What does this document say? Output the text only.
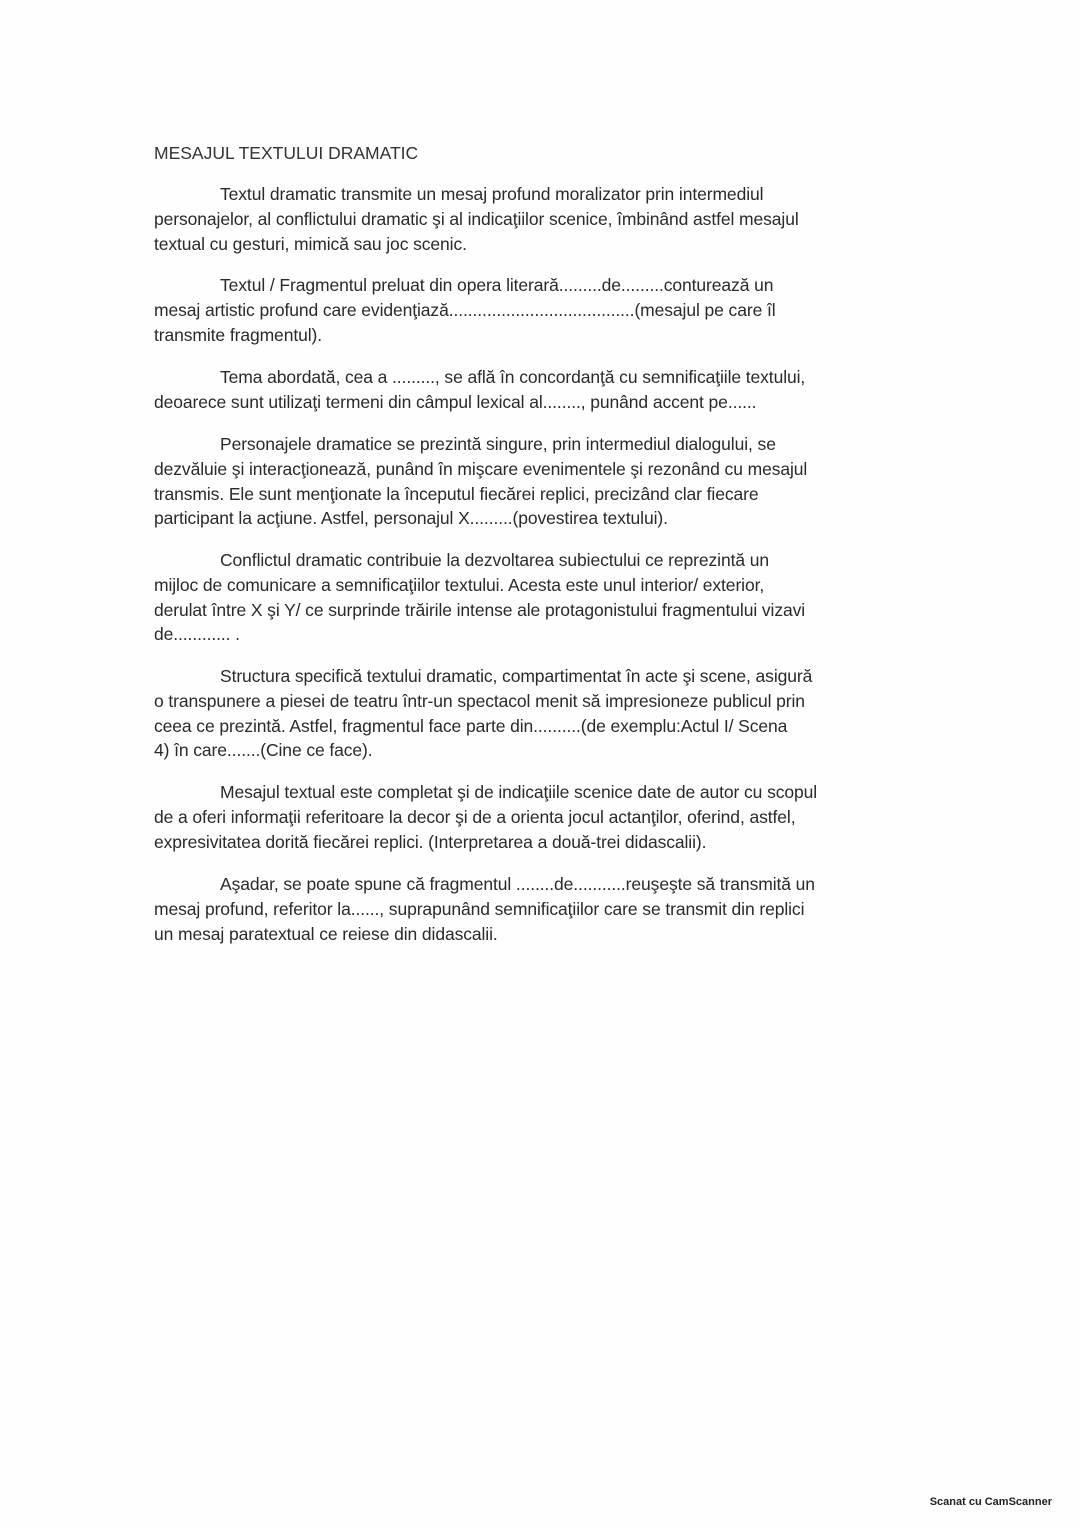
MESAJUL TEXTULUI DRAMATIC
Textul dramatic transmite un mesaj profund moralizator prin intermediul
personajelor, al conflictului dramatic şi al indicaţiilor scenice, îmbinând astfel mesajul
textual cu gesturi, mimică sau joc scenic.
Textul / Fragmentul preluat din opera literară.........de.........conturează un
mesaj artistic profund care evidenţiază.......................................(mesajul pe care îl
transmite fragmentul).
Tema abordată, cea a ........., se află în concordanţă cu semnificaţiile textului,
deoarece sunt utilizaţi termeni din câmpul lexical al........, punând accent pe......
Personajele dramatice se prezintă singure, prin intermediul dialogului, se
dezvăluie şi interacţionează, punând în mişcare evenimentele şi rezonând cu mesajul
transmis. Ele sunt menţionate la începutul fiecărei replici, precizând clar fiecare
participant la acţiune. Astfel, personajul X.........(povestirea textului).
Conflictul dramatic contribuie la dezvoltarea subiectului ce reprezintă un
mijloc de comunicare a semnificaţiilor textului. Acesta este unul interior/ exterior,
derulat între X şi Y/ ce surprinde trăirile intense ale protagonistului fragmentului vizavi
de............ .
Structura specifică textului dramatic, compartimentat în acte şi scene, asigură
o transpunere a piesei de teatru într-un spectacol menit să impresioneze publicul prin
ceea ce prezintă. Astfel, fragmentul face parte din..........(de exemplu:Actul I/ Scena
4) în care.......(Cine ce face).
Mesajul textual este completat şi de indicaţiile scenice date de autor cu scopul
de a oferi informaţii referitoare la decor şi de a orienta jocul actanţilor, oferind, astfel,
expresivitatea dorită fiecărei replici. (Interpretarea a două-trei didascalii).
Aşadar, se poate spune că fragmentul ........de...........reuşeşte să transmită un
mesaj profund, referitor la......, suprapunând semnificaţiilor care se transmit din replici
un mesaj paratextual ce reiese din didascalii.
Scanat cu CamScanner
